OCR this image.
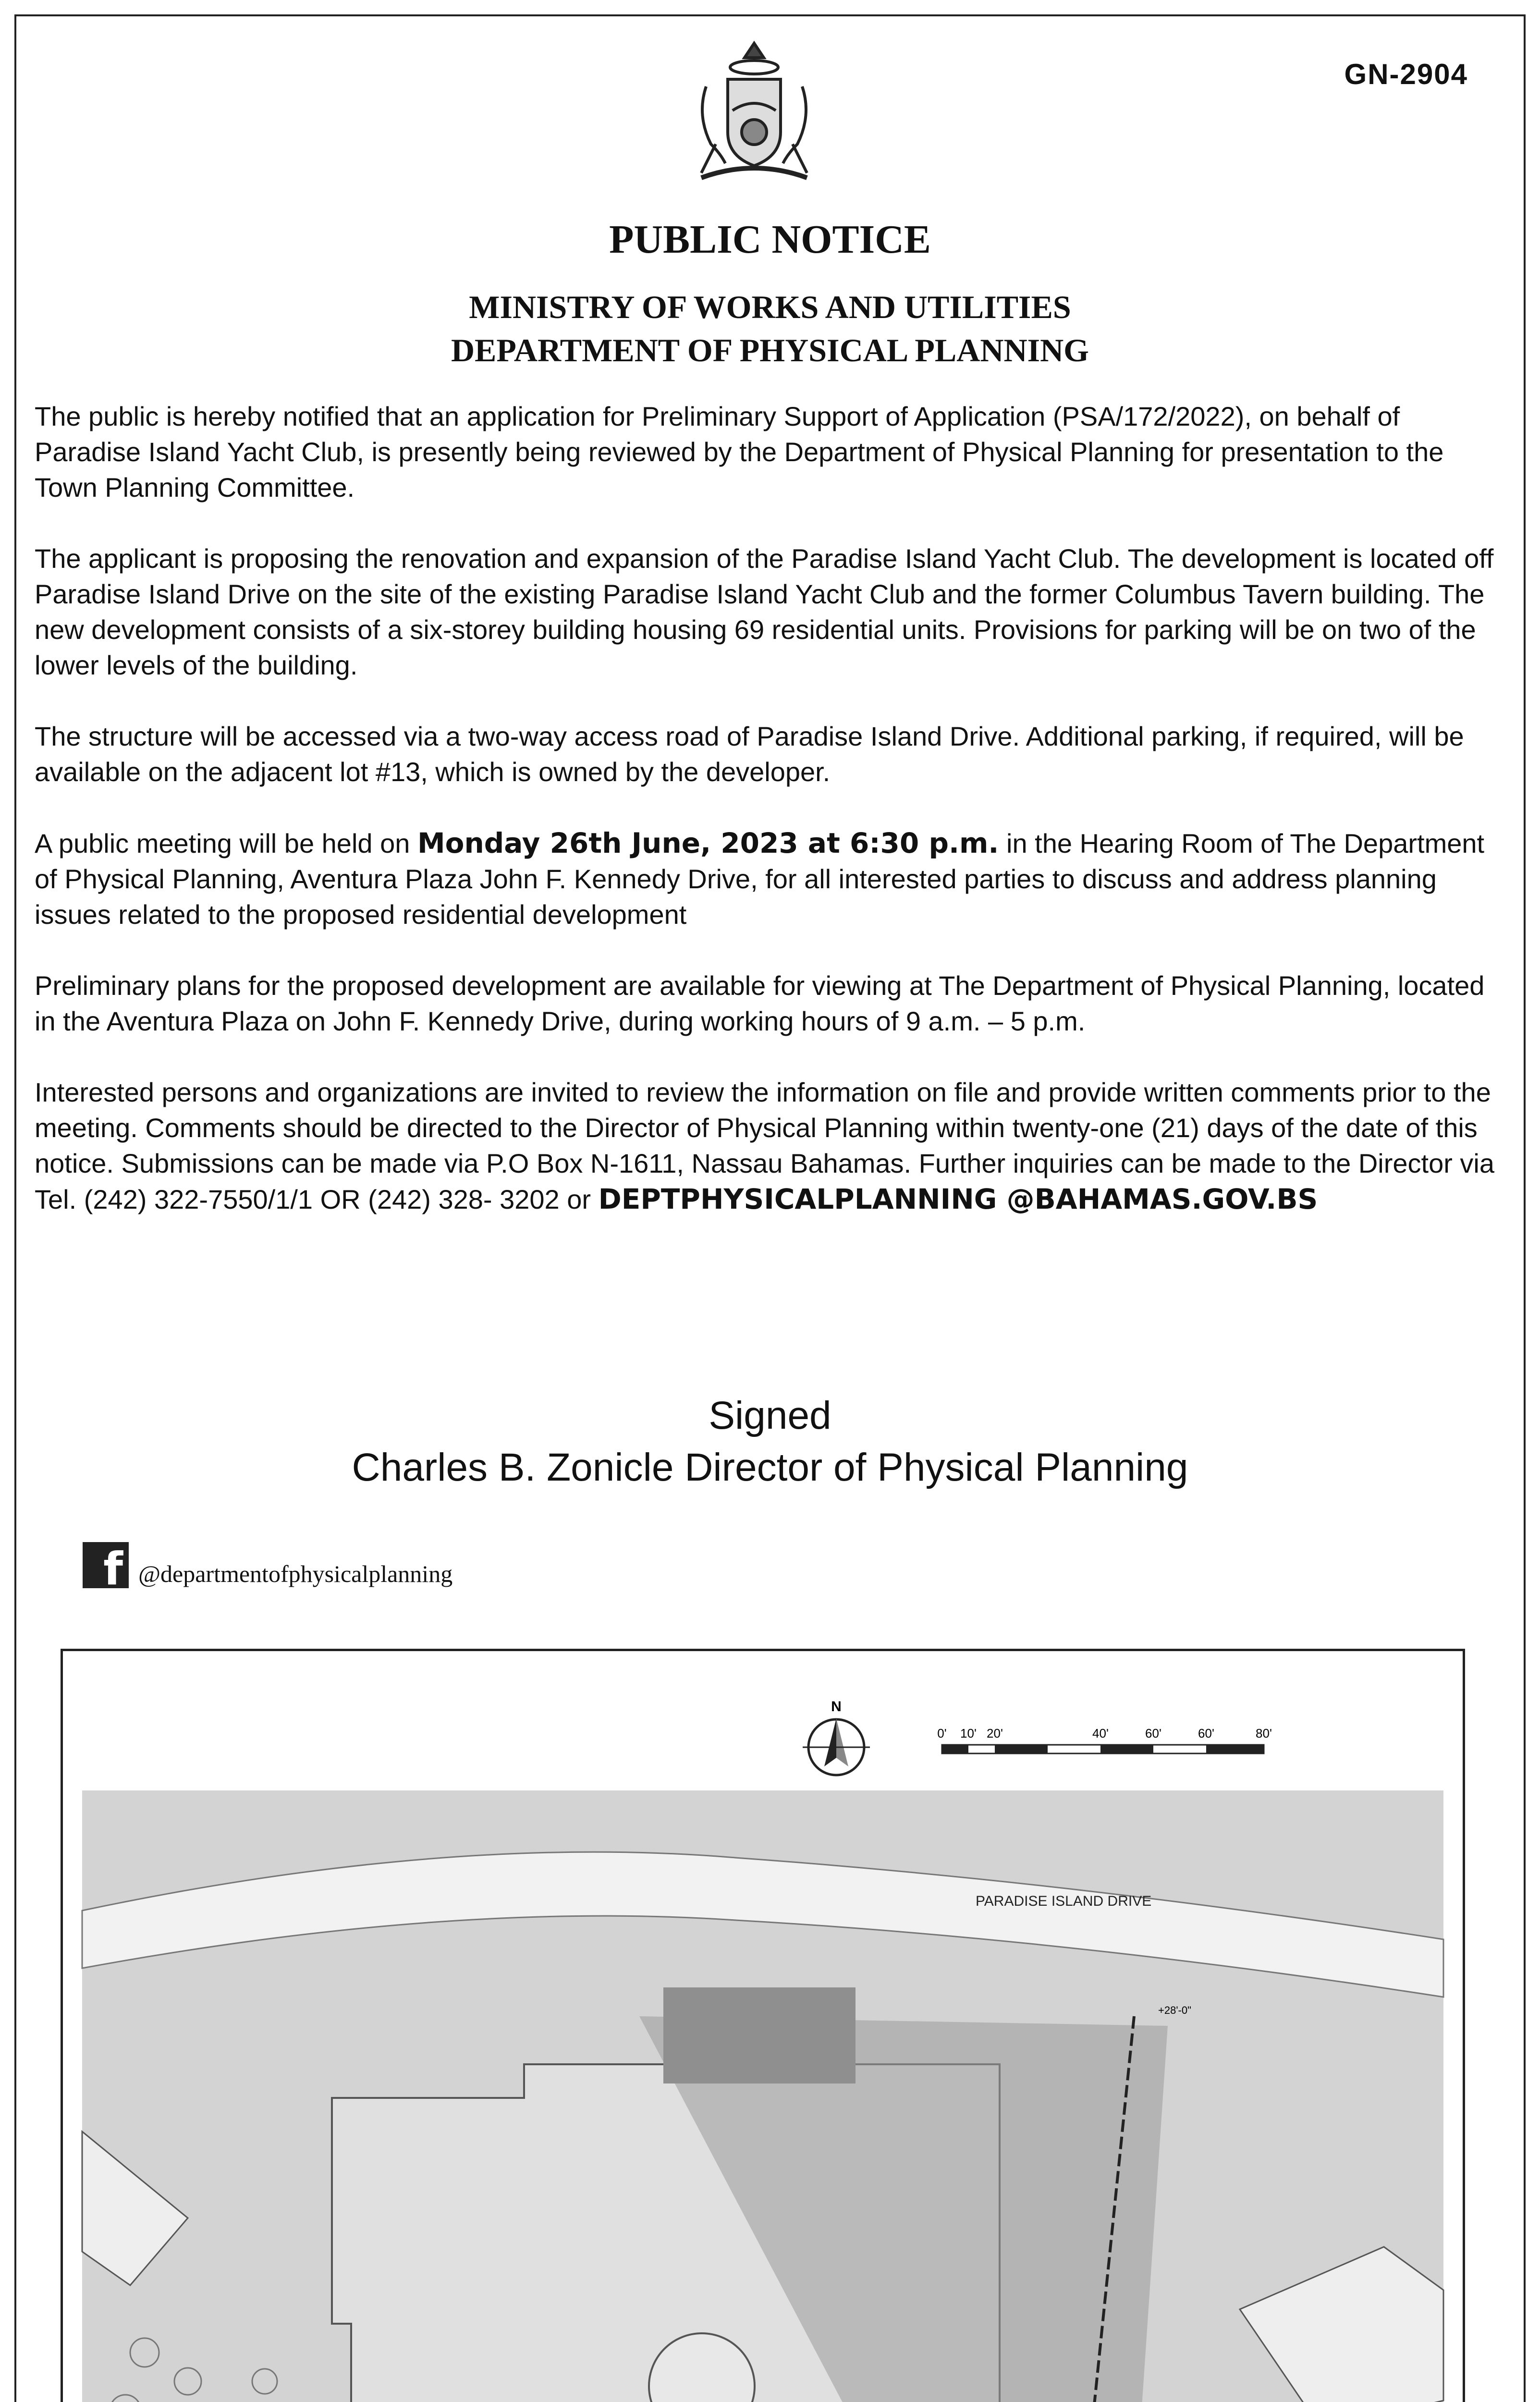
GN-2904
PUBLIC NOTICE
MINISTRY OF WORKS AND UTILITIES
DEPARTMENT OF PHYSICAL PLANNING

The public is hereby notified that an application for Preliminary Support of Application (PSA/172/2022), on behalf of Paradise Island Yacht Club, is presently being reviewed by the Department of Physical Planning for presentation to the Town Planning Committee.

The applicant is proposing the renovation and expansion of the Paradise Island Yacht Club. The development is located off Paradise Island Drive on the site of the existing Paradise Island Yacht Club and the former Columbus Tavern building. The new development consists of a six-storey building housing 69 residential units. Provisions for parking will be on two of the lower levels of the building.

The structure will be accessed via a two-way access road of Paradise Island Drive. Additional parking, if required, will be available on the adjacent lot #13, which is owned by the developer.

A public meeting will be held on Monday 26th June, 2023 at 6:30 p.m. in the Hearing Room of The Department of Physical Planning, Aventura Plaza John F. Kennedy Drive, for all interested parties to discuss and address planning issues related to the proposed residential development

Preliminary plans for the proposed development are available for viewing at The Department of Physical Planning, located in the Aventura Plaza on John F. Kennedy Drive, during working hours of 9 a.m. – 5 p.m.

Interested persons and organizations are invited to review the information on file and provide written comments prior to the meeting. Comments should be directed to the Director of Physical Planning within twenty-one (21) days of the date of this notice. Submissions can be made via P.O Box N-1611, Nassau Bahamas. Further inquiries can be made to the Director via Tel. (242) 322-7550/1/1 OR (242) 328- 3202 or DEPTPHYSICALPLANNING @BAHAMAS.GOV.BS

Signed
Charles B. Zonicle Director of Physical Planning
f @departmentofphysicalplanning
N
0' 10' 20'	40'	60'	60'	80'
PARADISE ISLAND DRIVE
+28'-0"
